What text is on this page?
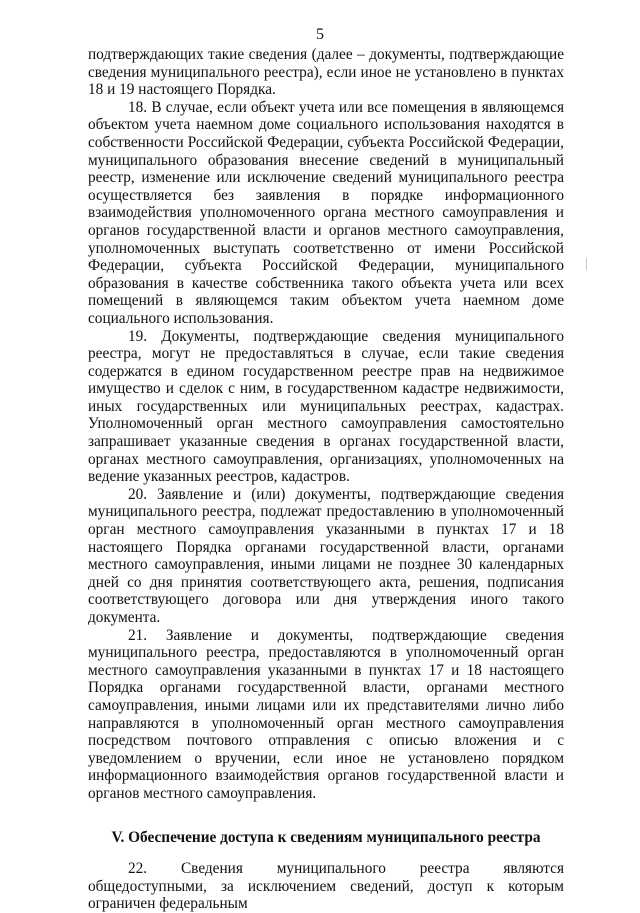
5

подтверждающих такие сведения (далее – документы, подтверждающие сведения муниципального реестра), если иное не установлено в пунктах 18 и 19 настоящего Порядка.

18. В случае, если объект учета или все помещения в являющемся объектом учета наемном доме социального использования находятся в собственности Российской Федерации, субъекта Российской Федерации, муниципального образования внесение сведений в муниципальный реестр, изменение или исключение сведений муниципального реестра осуществляется без заявления в порядке информационного взаимодействия уполномоченного органа местного самоуправления и органов государственной власти и органов местного самоуправления, уполномоченных выступать соответственно от имени Российской Федерации, субъекта Российской Федерации, муниципального образования в качестве собственника такого объекта учета или всех помещений в являющемся таким объектом учета наемном доме социального использования.

19. Документы, подтверждающие сведения муниципального реестра, могут не предоставляться в случае, если такие сведения содержатся в едином государственном реестре прав на недвижимое имущество и сделок с ним, в государственном кадастре недвижимости, иных государственных или муниципальных реестрах, кадастрах. Уполномоченный орган местного самоуправления самостоятельно запрашивает указанные сведения в органах государственной власти, органах местного самоуправления, организациях, уполномоченных на ведение указанных реестров, кадастров.

20. Заявление и (или) документы, подтверждающие сведения муниципального реестра, подлежат предоставлению в уполномоченный орган местного самоуправления указанными в пунктах 17 и 18 настоящего Порядка органами государственной власти, органами местного самоуправления, иными лицами не позднее 30 календарных дней со дня принятия соответствующего акта, решения, подписания соответствующего договора или дня утверждения иного такого документа.

21. Заявление и документы, подтверждающие сведения муниципального реестра, предоставляются в уполномоченный орган местного самоуправления указанными в пунктах 17 и 18 настоящего Порядка органами государственной власти, органами местного самоуправления, иными лицами или их представителями лично либо направляются в уполномоченный орган местного самоуправления посредством почтового отправления с описью вложения и с уведомлением о вручении, если иное не установлено порядком информационного взаимодействия органов государственной власти и органов местного самоуправления.

V. Обеспечение доступа к сведениям муниципального реестра

22. Сведения муниципального реестра являются общедоступными, за исключением сведений, доступ к которым ограничен федеральным
